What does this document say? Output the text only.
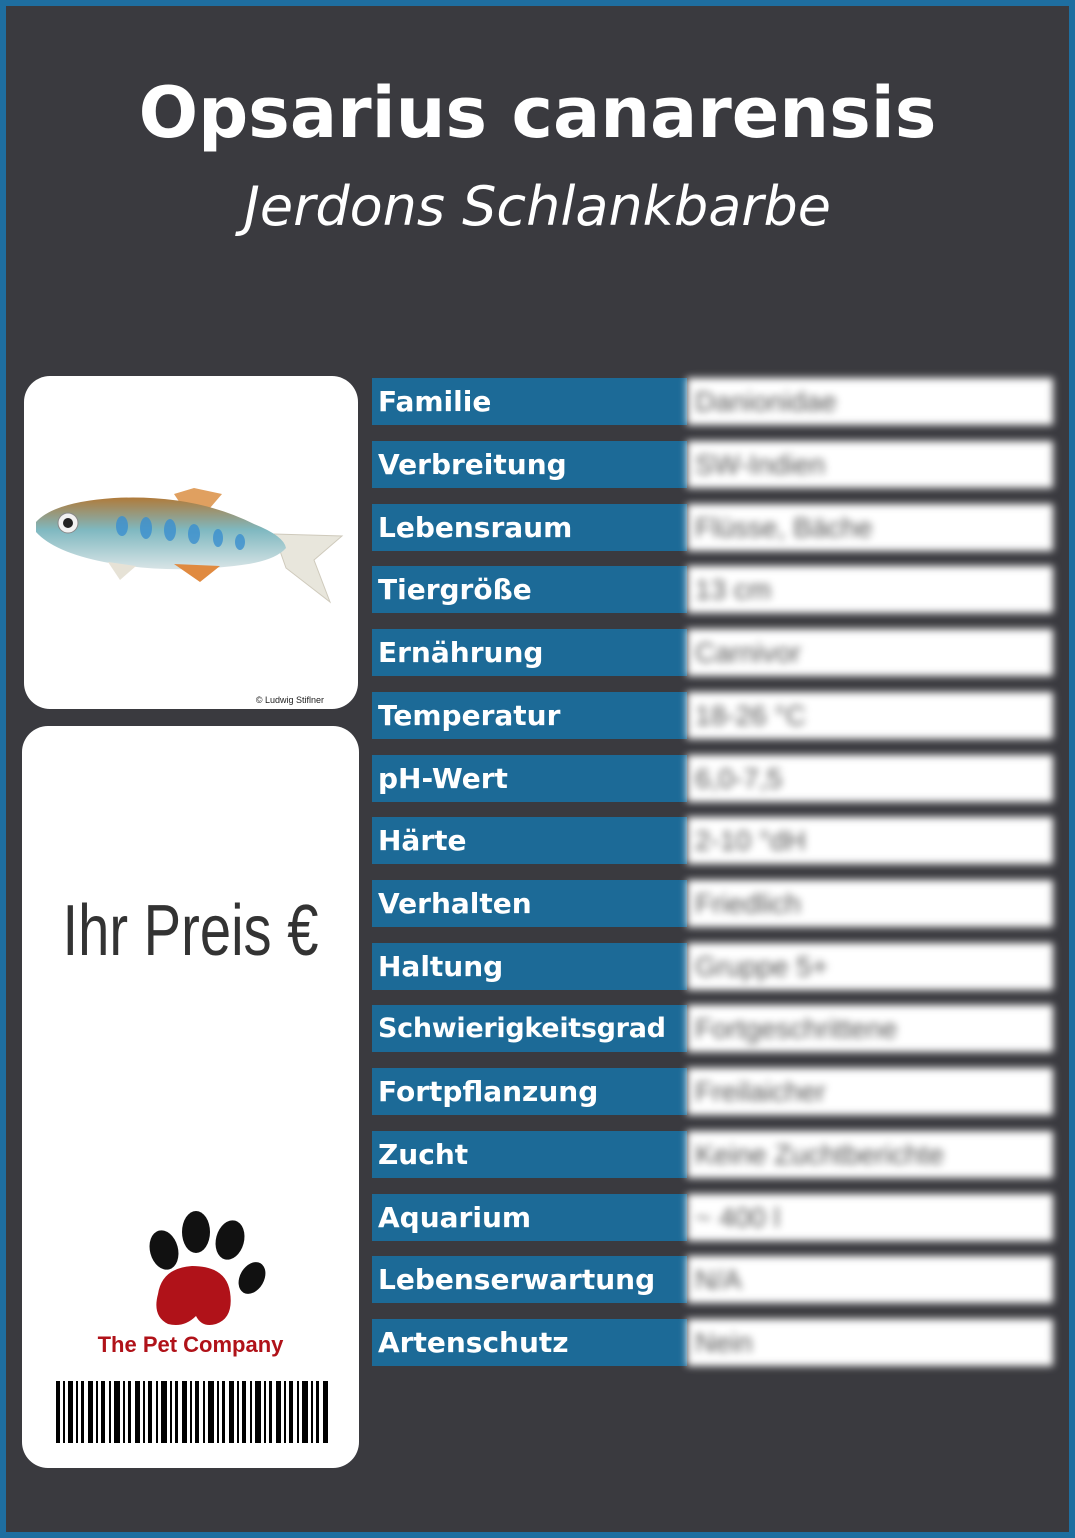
Opsarius canarensis
Jerdons Schlankbarbe
© Ludwig Stiflner
Ihr Preis €
The Pet Company
Familie	Danionidae
Verbreitung	SW-Indien
Lebensraum	Flüsse, Bäche
Tiergröße	13 cm
Ernährung	Carnivor
Temperatur	18-26 °C
pH-Wert	6,0-7,5
Härte	2-10 °dH
Verhalten	Friedlich
Haltung	Gruppe 5+
Schwierigkeitsgrad	Fortgeschrittene
Fortpflanzung	Freilaicher
Zucht	Keine Zuchtberichte
Aquarium	~ 400 l
Lebenserwartung	N/A
Artenschutz	Nein
